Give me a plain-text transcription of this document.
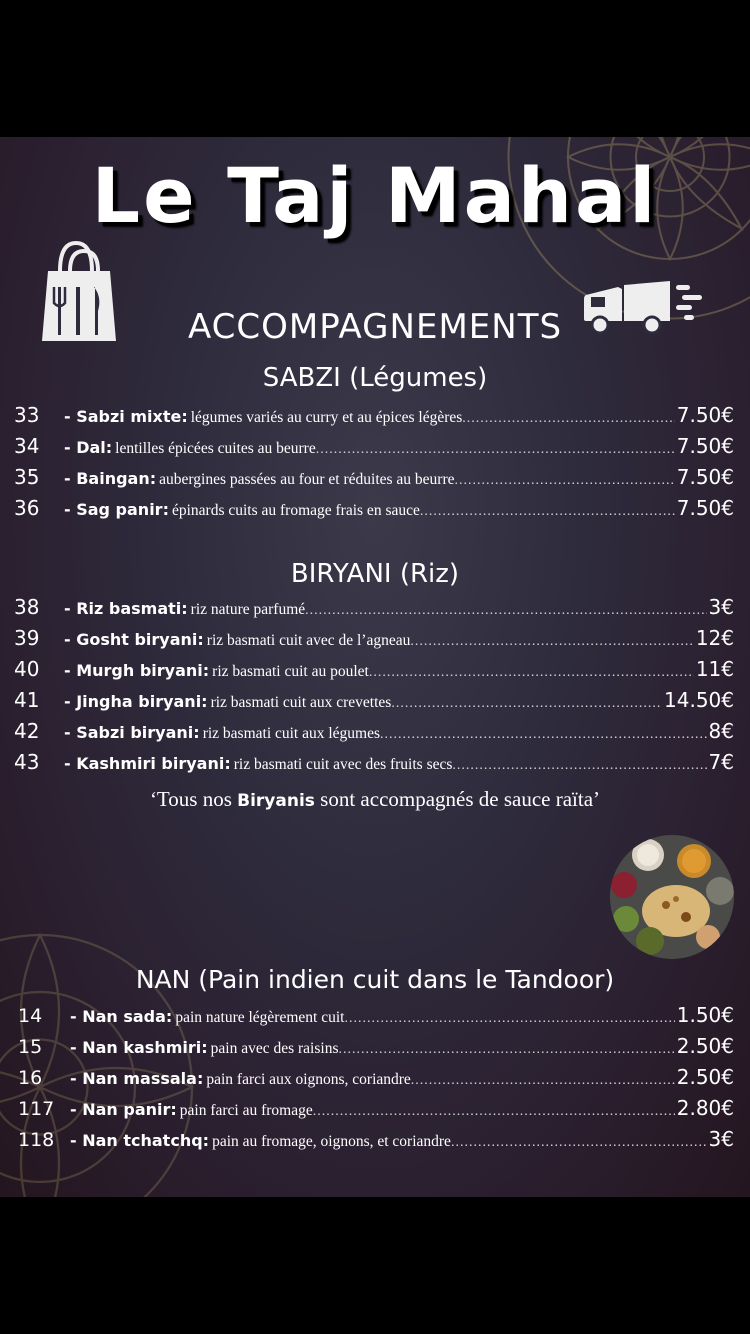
Le Taj Mahal
ACCOMPAGNEMENTS
SABZI (Légumes)
33	- Sabzi mixte: légumes variés au curry et au épices légères .....	7.50€
34	- Dal: lentilles épicées cuites au beurre .....	7.50€
35	- Baingan: aubergines passées au four et réduites au beurre .....	7.50€
36	- Sag panir: épinards cuits au fromage frais en sauce .....	7.50€
BIRYANI (Riz)
38	- Riz basmati: riz nature parfumé .....	3€
39	- Gosht biryani: riz basmati cuit avec de l’agneau .....	12€
40	- Murgh biryani: riz basmati cuit au poulet .....	11€
41	- Jingha biryani: riz basmati cuit aux crevettes .....	14.50€
42	- Sabzi biryani: riz basmati cuit aux légumes .....	8€
43	- Kashmiri biryani: riz basmati cuit avec des fruits secs .....	7€
‘Tous nos Biryanis sont accompagnés de sauce raïta’
NAN (Pain indien cuit dans le Tandoor)
14	- Nan sada: pain nature légèrement cuit .....	1.50€
15	- Nan kashmiri: pain avec des raisins .....	2.50€
16	- Nan massala: pain farci aux oignons, coriandre .....	2.50€
117 - Nan panir: pain farci au fromage .....	2.80€
118 - Nan tchatchq: pain au fromage, oignons, et coriandre .....	3€
